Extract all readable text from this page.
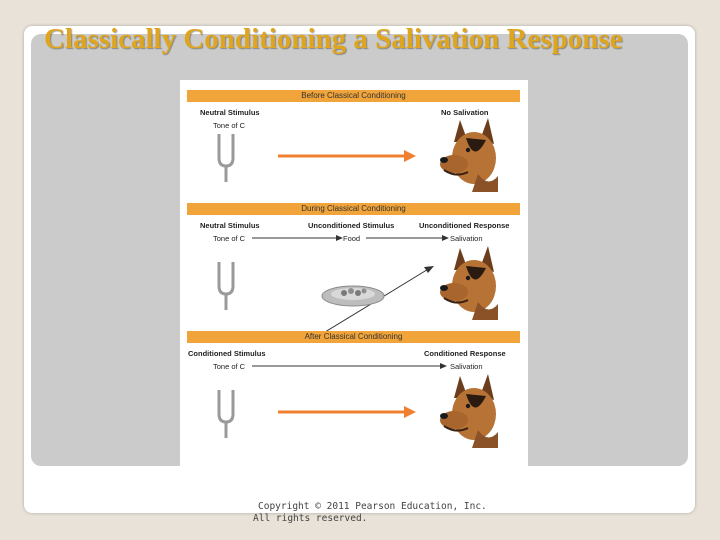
Classically Conditioning a Salivation Response
Before Classical Conditioning
Neutral Stimulus
Tone of C
No Salivation
During Classical Conditioning
Neutral Stimulus
Tone of C
Unconditioned Stimulus
Food
Unconditioned Response
Salivation
After Classical Conditioning
Conditioned Stimulus
Tone of C
Conditioned Response
Salivation
Copyright © 2011 Pearson Education, Inc.
All rights reserved.
